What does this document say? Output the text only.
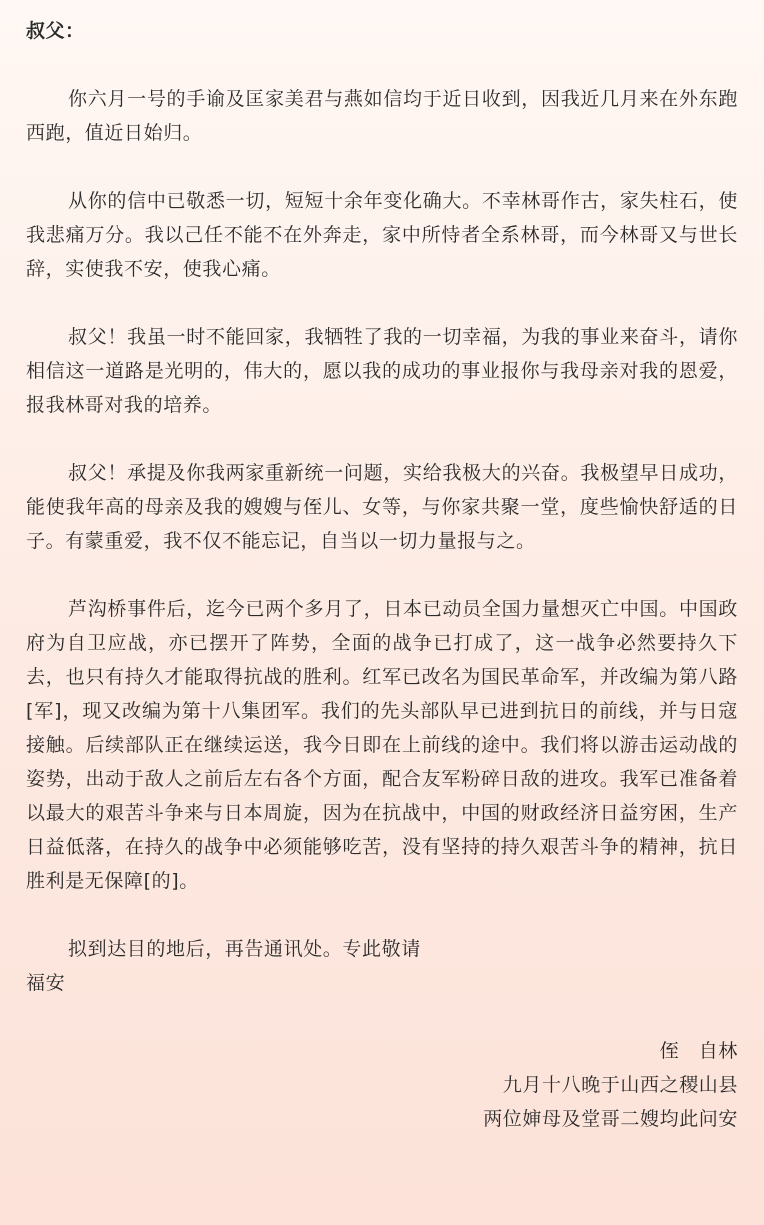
叔父：

你六月一号的手谕及匡家美君与燕如信均于近日收到，因我近几月来在外东跑西跑，值近日始归。

从你的信中已敬悉一切，短短十余年变化确大。不幸林哥作古，家失柱石，使我悲痛万分。我以己任不能不在外奔走，家中所恃者全系林哥，而今林哥又与世长辞，实使我不安，使我心痛。

叔父！我虽一时不能回家，我牺牲了我的一切幸福，为我的事业来奋斗，请你相信这一道路是光明的，伟大的，愿以我的成功的事业报你与我母亲对我的恩爱，报我林哥对我的培养。

叔父！承提及你我两家重新统一问题，实给我极大的兴奋。我极望早日成功，能使我年高的母亲及我的嫂嫂与侄儿、女等，与你家共聚一堂，度些愉快舒适的日子。有蒙重爱，我不仅不能忘记，自当以一切力量报与之。

芦沟桥事件后，迄今已两个多月了，日本已动员全国力量想灭亡中国。中国政府为自卫应战，亦已摆开了阵势，全面的战争已打成了，这一战争必然要持久下去，也只有持久才能取得抗战的胜利。红军已改名为国民革命军，并改编为第八路[军]，现又改编为第十八集团军。我们的先头部队早已进到抗日的前线，并与日寇接触。后续部队正在继续运送，我今日即在上前线的途中。我们将以游击运动战的姿势，出动于敌人之前后左右各个方面，配合友军粉碎日敌的进攻。我军已准备着以最大的艰苦斗争来与日本周旋，因为在抗战中，中国的财政经济日益穷困，生产日益低落，在持久的战争中必须能够吃苦，没有坚持的持久艰苦斗争的精神，抗日胜利是无保障[的]。

拟到达目的地后，再告通讯处。专此敬请

福安
侄　自林
九月十八晚于山西之稷山县
两位婶母及堂哥二嫂均此问安
